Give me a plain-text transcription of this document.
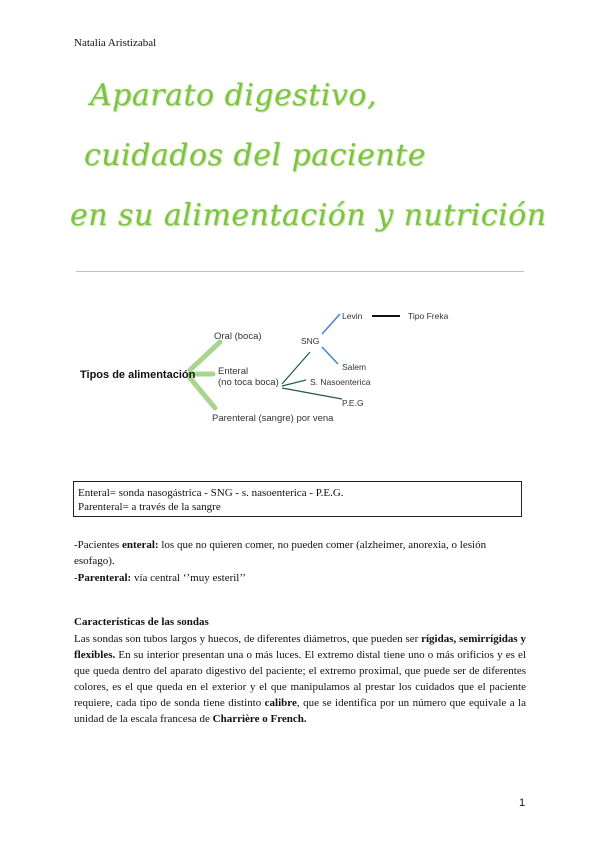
Natalia Aristizabal
Aparato digestivo,
cuidados del paciente
en su alimentación y nutrición
Tipos de alimentación
Oral (boca)
Enteral
(no toca boca)
Parenteral (sangre) por vena
SNG
Levin	Tipo Freka
Salem
S. Nasoenterica
P.E.G
Enteral= sonda nasogástrica - SNG - s. nasoenterica - P.E.G.
Parenteral= a través de la sangre
-Pacientes enteral: los que no quieren comer, no pueden comer (alzheimer, anorexia, o lesión esofago).
-Parenteral: vía central ‘’muy esteril’’
Características de las sondas
Las sondas son tubos largos y huecos, de diferentes diámetros, que pueden ser rígidas, semirrígidas y flexibles. En su interior presentan una o más luces. El extremo distal tiene uno o más orificios y es el que queda dentro del aparato digestivo del paciente; el extremo proximal, que puede ser de diferentes colores, es el que queda en el exterior y el que manipulamos al prestar los cuidados que el paciente requiere, cada tipo de sonda tiene distinto calibre, que se identifica por un número que equivale a la unidad de la escala francesa de Charrière o French.
1
